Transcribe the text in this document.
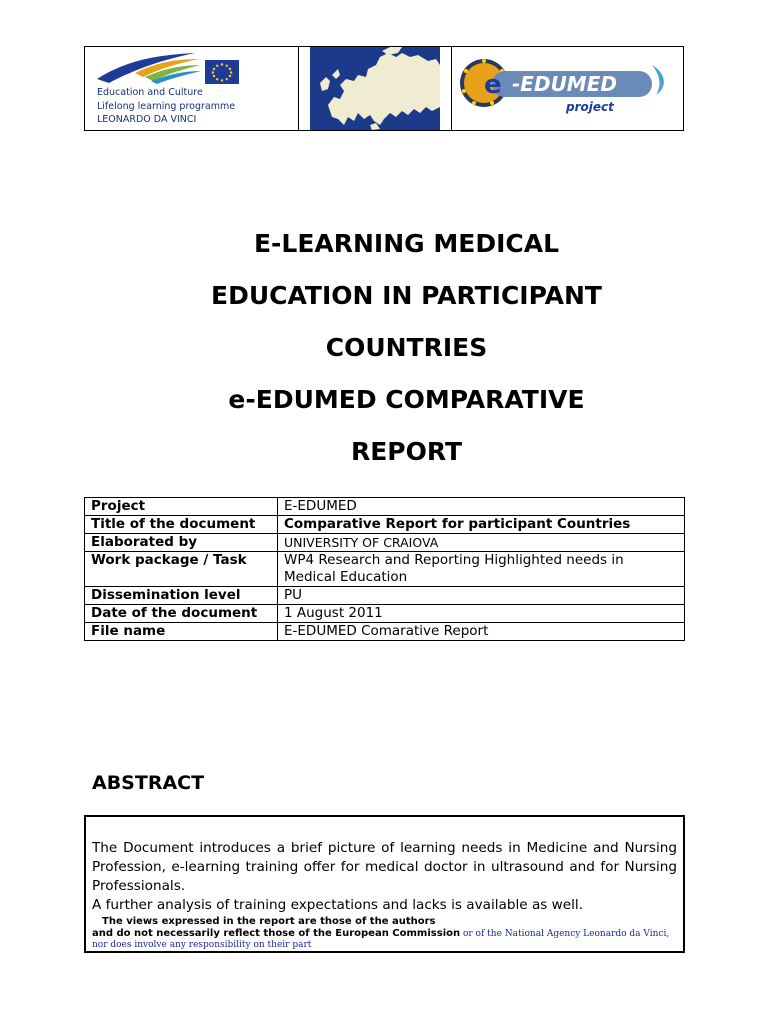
Education and Culture
Lifelong learning programme
LEONARDO DA VINCI
e -EDUMED
project
E-LEARNING MEDICAL
EDUCATION IN PARTICIPANT
COUNTRIES
e-EDUMED COMPARATIVE
REPORT
Project	E-EDUMED
Title of the document	Comparative Report for participant Countries
Elaborated by	UNIVERSITY OF CRAIOVA
Work package / Task	WP4 Research and Reporting Highlighted needs in Medical Education
Dissemination level	PU
Date of the document	1 August 2011
File name	E-EDUMED Comarative Report
ABSTRACT

The Document introduces a brief picture of learning needs in Medicine and Nursing Profession, e-learning training offer for medical doctor in ultrasound and for Nursing Professionals.

A further analysis of training expectations and lacks is available as well.

The views expressed in the report are those of the authors
and do not necessarily reflect those of the European Commission or of the National Agency Leonardo da Vinci,
nor does involve any responsibility on their part
